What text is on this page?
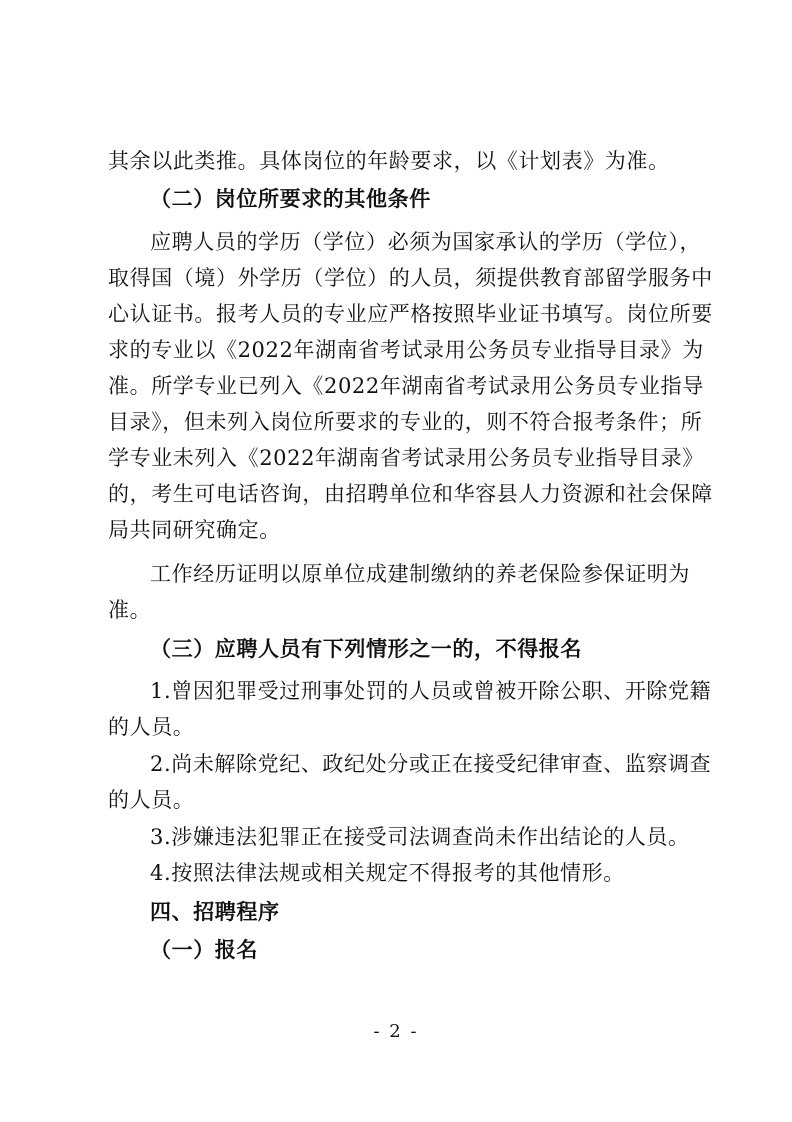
其余以此类推。具体岗位的年龄要求，以《计划表》为准。
（二）岗位所要求的其他条件
应聘人员的学历（学位）必须为国家承认的学历（学位），
取得国（境）外学历（学位）的人员，须提供教育部留学服务中
心认证书。报考人员的专业应严格按照毕业证书填写。岗位所要
求的专业以《2022年湖南省考试录用公务员专业指导目录》为
准。所学专业已列入《2022年湖南省考试录用公务员专业指导
目录》，但未列入岗位所要求的专业的，则不符合报考条件；所
学专业未列入《2022年湖南省考试录用公务员专业指导目录》
的，考生可电话咨询，由招聘单位和华容县人力资源和社会保障
局共同研究确定。
工作经历证明以原单位成建制缴纳的养老保险参保证明为
准。
（三）应聘人员有下列情形之一的，不得报名
1.曾因犯罪受过刑事处罚的人员或曾被开除公职、开除党籍
的人员。
2.尚未解除党纪、政纪处分或正在接受纪律审查、监察调查
的人员。
3.涉嫌违法犯罪正在接受司法调查尚未作出结论的人员。
4.按照法律法规或相关规定不得报考的其他情形。
四、招聘程序
（一）报名
- 2 -
